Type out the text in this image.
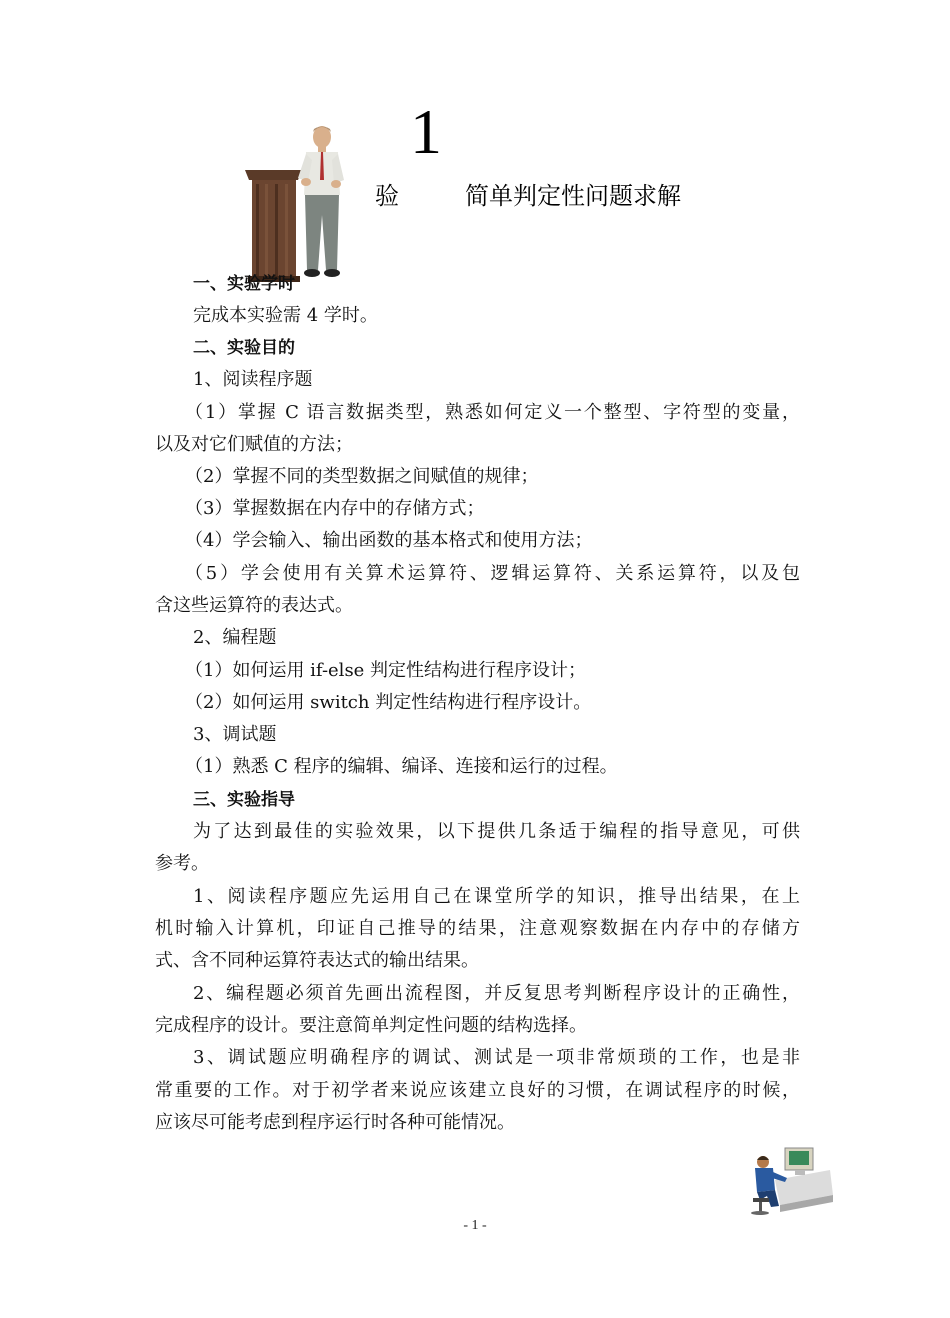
1
验	简单判定性问题求解
一、实验学时
完成本实验需 4 学时。
二、实验目的
1、阅读程序题
（1）掌握 C 语言数据类型，熟悉如何定义一个整型、字符型的变量，
以及对它们赋值的方法；
（2）掌握不同的类型数据之间赋值的规律；
（3）掌握数据在内存中的存储方式；
（4）学会输入、输出函数的基本格式和使用方法；
（5）学会使用有关算术运算符、逻辑运算符、关系运算符，以及包
含这些运算符的表达式。
2、编程题
（1）如何运用 if-else 判定性结构进行程序设计；
（2）如何运用 switch 判定性结构进行程序设计。
3、调试题
（1）熟悉 C 程序的编辑、编译、连接和运行的过程。
三、实验指导
为了达到最佳的实验效果，以下提供几条适于编程的指导意见，可供
参考。
1、阅读程序题应先运用自己在课堂所学的知识，推导出结果，在上
机时输入计算机，印证自己推导的结果，注意观察数据在内存中的存储方
式、含不同种运算符表达式的输出结果。
2、编程题必须首先画出流程图，并反复思考判断程序设计的正确性，
完成程序的设计。要注意简单判定性问题的结构选择。
3、调试题应明确程序的调试、测试是一项非常烦琐的工作，也是非
常重要的工作。对于初学者来说应该建立良好的习惯，在调试程序的时候，
应该尽可能考虑到程序运行时各种可能情况。
- 1 -
